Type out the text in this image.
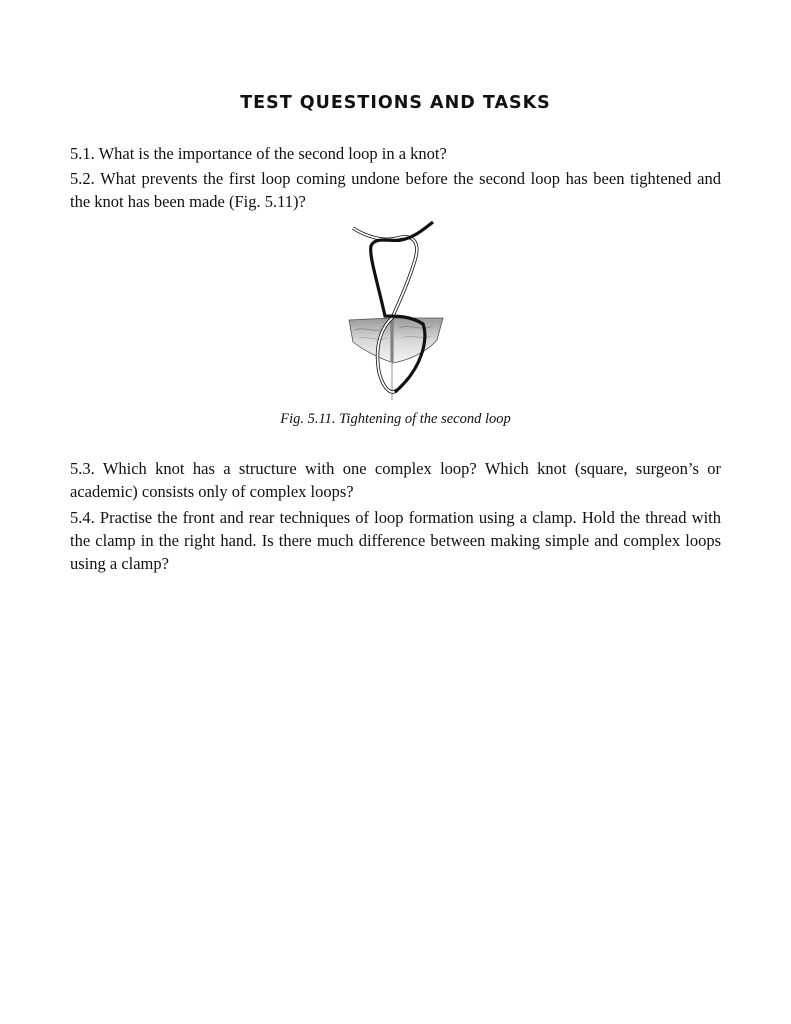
TEST QUESTIONS AND TASKS

5.1. What is the importance of the second loop in a knot?

5.2. What prevents the first loop coming undone before the second loop has been tightened and the knot has been made (Fig. 5.11)?

Fig. 5.11. Tightening of the second loop

5.3. Which knot has a structure with one complex loop? Which knot (square, surgeon’s or academic) consists only of complex loops?

5.4. Practise the front and rear techniques of loop formation using a clamp. Hold the thread with the clamp in the right hand. Is there much difference between making simple and complex loops using a clamp?
